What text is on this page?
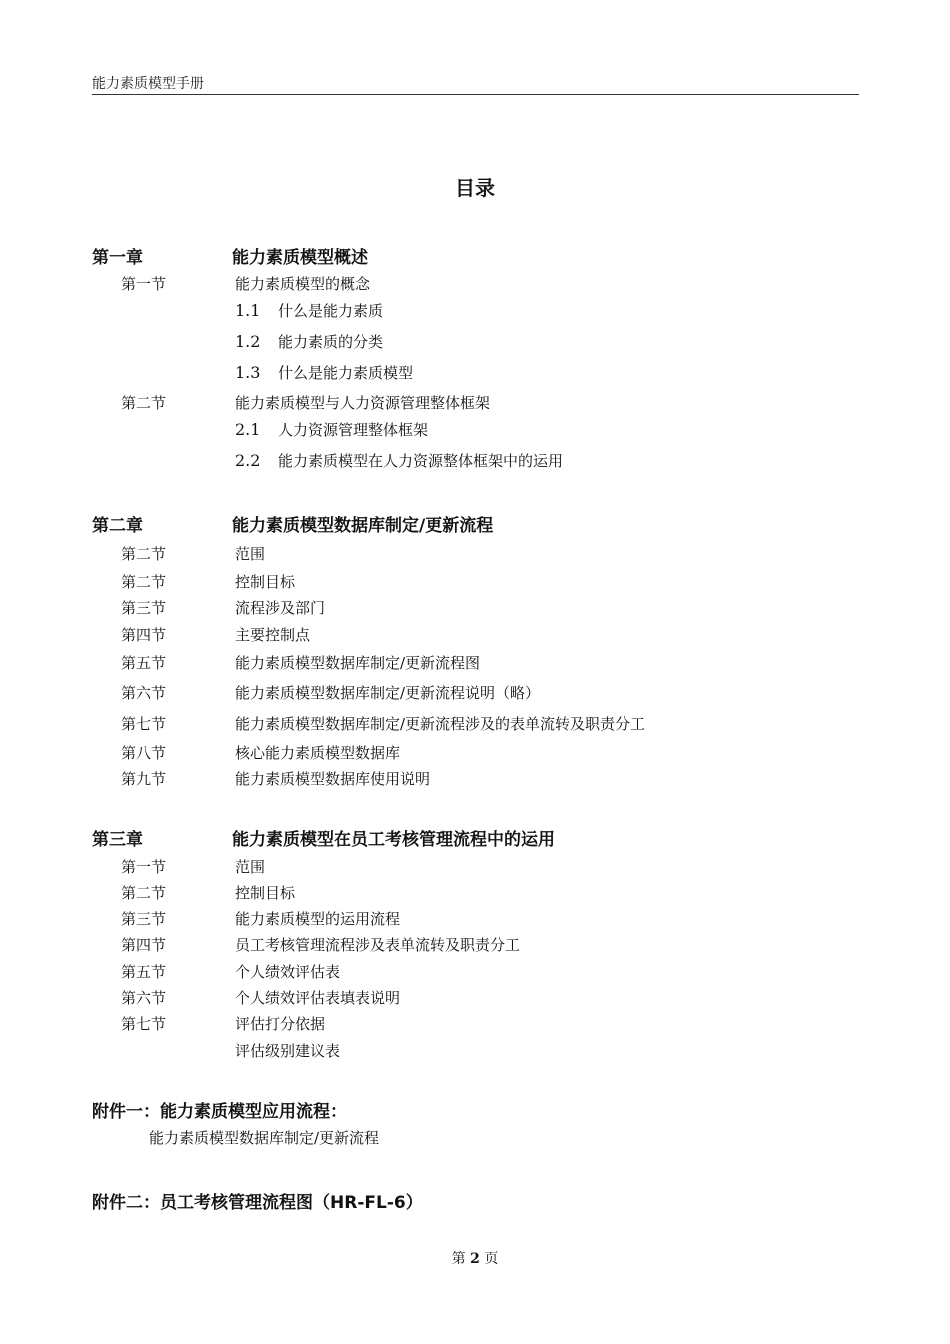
能力素质模型手册
目录
第一章	能力素质模型概述
第一节	能力素质模型的概念
1.1 什么是能力素质
1.2 能力素质的分类
1.3 什么是能力素质模型
第二节	能力素质模型与人力资源管理整体框架
2.1 人力资源管理整体框架
2.2 能力素质模型在人力资源整体框架中的运用
第二章	能力素质模型数据库制定/更新流程
第二节	范围
第二节	控制目标
第三节	流程涉及部门
第四节	主要控制点
第五节	能力素质模型数据库制定/更新流程图
第六节	能力素质模型数据库制定/更新流程说明（略）
第七节	能力素质模型数据库制定/更新流程涉及的表单流转及职责分工
第八节	核心能力素质模型数据库
第九节	能力素质模型数据库使用说明
第三章	能力素质模型在员工考核管理流程中的运用
第一节	范围
第二节	控制目标
第三节	能力素质模型的运用流程
第四节	员工考核管理流程涉及表单流转及职责分工
第五节	个人绩效评估表
第六节	个人绩效评估表填表说明
第七节	评估打分依据
评估级别建议表
附件一：能力素质模型应用流程：
能力素质模型数据库制定/更新流程
附件二：员工考核管理流程图（HR-FL-6）
第 2 页
